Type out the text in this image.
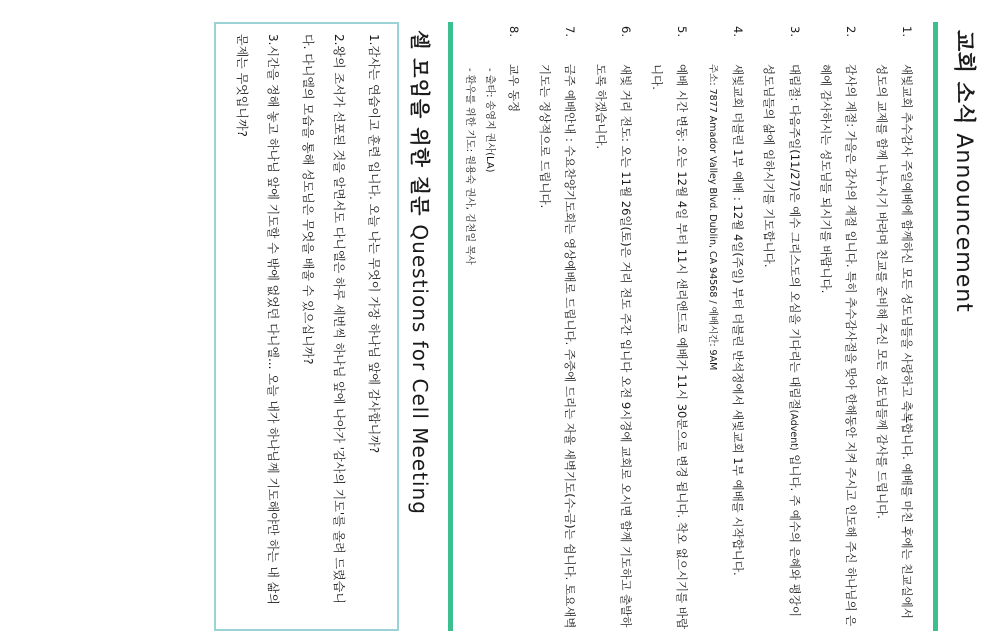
교회 소식 Announcement
1.
새빛교회 추수감사 주일예배에 함께하신 모든 성도님들을 사랑하고 축복합니다. 예배를 마친 후에는 친교실에서 성도의 교제를 함께 나누시기 바라며 친교를 준비해 주신 모든 성도님들께 감사를 드립니다.
2.
감사의 계절: 가을은 감사의 계절 입니다. 특히 추수감사절을 맞아 한해동안 지켜 주시고 인도해 주신 하나님의 은혜에 감사하시는 성도님들 되시기를 바랍니다.
3.
대림절: 다음주일(11/27)은 예수 그리스도의 오심을 기다리는 대림절(Advent) 입니다. 주 예수의 은혜와 평강이 성도님들의 삶에 임하시기를 기도합니다.
4.
새빛교회 더블린 1부 예배 : 12월 4일(주일) 부터 더블린 반석정에서 새빛교회 1부 예배를 시작합니다.
주소: 7877 Amador Valley Blvd. Dublin, CA 94568 / 예배시간: 9AM
5.
예배 시간 변동: 오는 12월 4일 부터 11시 샌리앤드로 예배가 11시 30분으로 변경 됩니다. 착오 없으시기를 바랍니다.
6.
새빛 거리 전도: 오는 11월 26일(토)은 거리 전도 주간 입니다 오전 9시경에 교회로 오시면 함께 기도하고 출발하도록 하겠습니다.
7.
금주 예배안내 : 수요찬양기도회는 영상예배로 드립니다. 주중에 드리는 자율 새벽기도(수-금)는 쉽니다. 토요새벽기도는 정상적으로 드립니다.
8.
교우 동정
- 출타: 송영지 권사(LA)
- 환우를 위한 기도: 원용숙 권사, 김천일 목사
셀 모임을 위한 질문 Questions for Cell Meeting

1.감사는 연습이고 훈련 입니다. 오늘 나는 무엇이 가장 하나님 앞에 감사합니까?

2.왕의 조서가 선포된 것을 알면서도 다니엘은 하루 세번씩 하나님 앞에 나아가 '감사의 기도'를 올려 드렸습니다. 다니엘의 모습을 통해 성도님은 무엇을 배울 수 있으십니까?

3.시간을 정해 놓고 하나님 앞에 기도할 수 밖에 없었던 다니엘... 오늘 내가 하나님께 기도해야만 하는 내 삶의 문제는 무엇입니까?
